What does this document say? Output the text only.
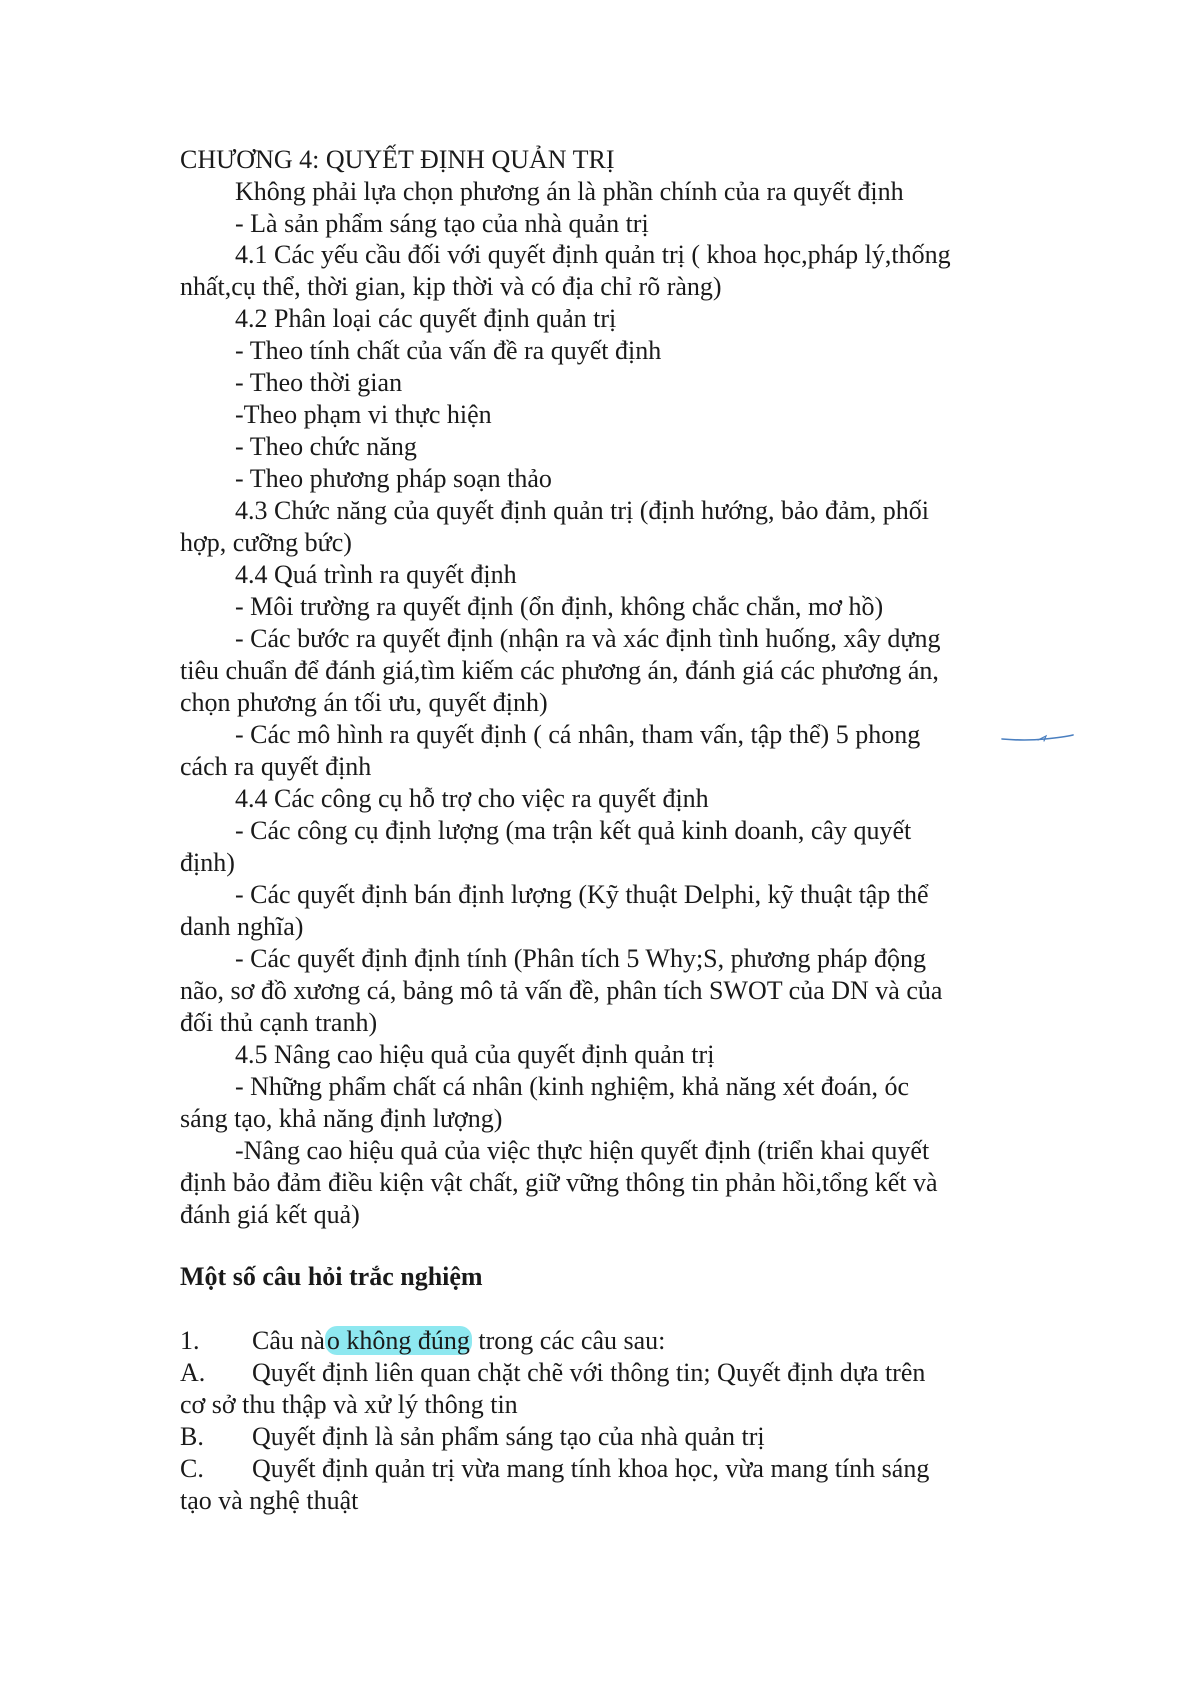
CHƯƠNG 4: QUYẾT ĐỊNH QUẢN TRỊ
Không phải lựa chọn phương án là phần chính của ra quyết định
- Là sản phẩm sáng tạo của nhà quản trị
4.1 Các yếu cầu đối với quyết định quản trị ( khoa học,pháp lý,thống
nhất,cụ thể, thời gian, kịp thời và có địa chỉ rõ ràng)
4.2 Phân loại các quyết định quản trị
- Theo tính chất của vấn đề ra quyết định
- Theo thời gian
-Theo phạm vi thực hiện
- Theo chức năng
- Theo phương pháp soạn thảo
4.3 Chức năng của quyết định quản trị (định hướng, bảo đảm, phối
hợp, cưỡng bức)
4.4 Quá trình ra quyết định
- Môi trường ra quyết định (ổn định, không chắc chắn, mơ hồ)
- Các bước ra quyết định (nhận ra và xác định tình huống, xây dựng
tiêu chuẩn để đánh giá,tìm kiếm các phương án, đánh giá các phương án,
chọn phương án tối ưu, quyết định)
- Các mô hình ra quyết định ( cá nhân, tham vấn, tập thể) 5 phong
cách ra quyết định
4.4 Các công cụ hỗ trợ cho việc ra quyết định
- Các công cụ định lượng (ma trận kết quả kinh doanh, cây quyết
định)
- Các quyết định bán định lượng (Kỹ thuật Delphi, kỹ thuật tập thể
danh nghĩa)
- Các quyết định định tính (Phân tích 5 Why;S, phương pháp động
não, sơ đồ xương cá, bảng mô tả vấn đề, phân tích SWOT của DN và của
đối thủ cạnh tranh)
4.5 Nâng cao hiệu quả của quyết định quản trị
- Những phẩm chất cá nhân (kinh nghiệm, khả năng xét đoán, óc
sáng tạo, khả năng định lượng)
-Nâng cao hiệu quả của việc thực hiện quyết định (triển khai quyết
định bảo đảm điều kiện vật chất, giữ vững thông tin phản hồi,tổng kết và
đánh giá kết quả)
Một số câu hỏi trắc nghiệm
1. Câu nào không đúng trong các câu sau:
A. Quyết định liên quan chặt chẽ với thông tin; Quyết định dựa trên
cơ sở thu thập và xử lý thông tin
B. Quyết định là sản phẩm sáng tạo của nhà quản trị
C. Quyết định quản trị vừa mang tính khoa học, vừa mang tính sáng
tạo và nghệ thuật
